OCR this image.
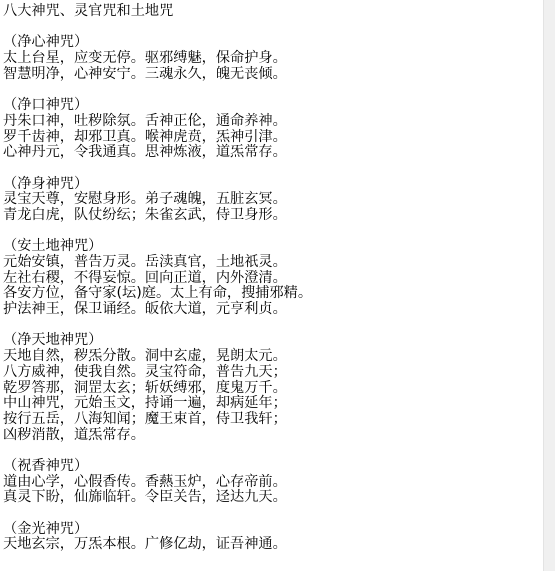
八大神咒、灵官咒和土地咒
（净心神咒）
太上台星，应变无停。驱邪缚魅，保命护身。
智慧明净，心神安宁。三魂永久，魄无丧倾。
（净口神咒）
丹朱口神，吐秽除氛。舌神正伦，通命养神。
罗千齿神，却邪卫真。喉神虎贲，炁神引津。
心神丹元，令我通真。思神炼液，道炁常存。
（净身神咒）
灵宝天尊，安慰身形。弟子魂魄，五脏玄冥。
青龙白虎，队仗纷纭；朱雀玄武，侍卫身形。
（安土地神咒）
元始安镇，普告万灵。岳渎真官，土地祇灵。
左社右稷，不得妄惊。回向正道，内外澄清。
各安方位，备守家(坛)庭。太上有命，搜捕邪精。
护法神王，保卫诵经。皈依大道，元亨利贞。
（净天地神咒）
天地自然，秽炁分散。洞中玄虚，晃朗太元。
八方威神，使我自然。灵宝符命，普告九天；
乾罗答那，洞罡太玄；斩妖缚邪，度鬼万千。
中山神咒，元始玉文，持诵一遍，却病延年；
按行五岳，八海知闻；魔王束首，侍卫我轩；
凶秽消散，道炁常存。
（祝香神咒）
道由心学，心假香传。香爇玉炉，心存帝前。
真灵下盼，仙旆临轩。令臣关告，迳达九天。
（金光神咒）
天地玄宗，万炁本根。广修亿劫，证吾神通。
